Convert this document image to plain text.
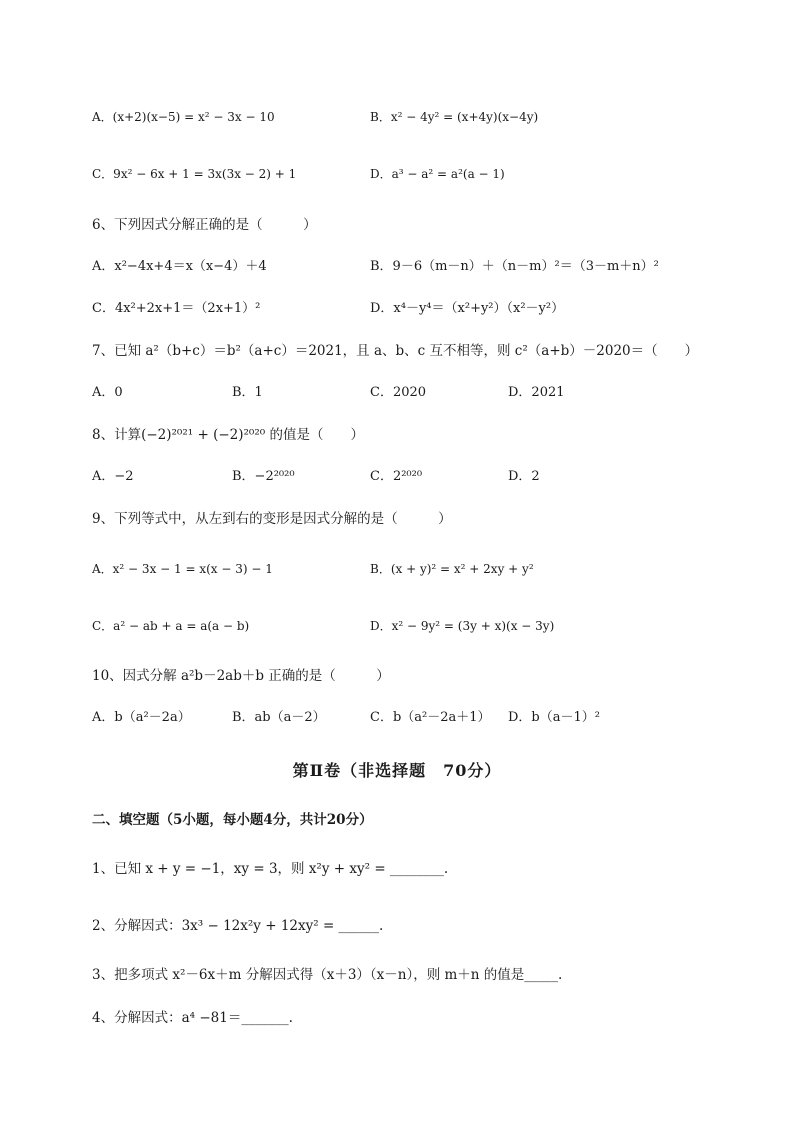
A．(x+2)(x−5) = x² − 3x − 10	B．x² − 4y² = (x+4y)(x−4y)
C．9x² − 6x + 1 = 3x(3x − 2) + 1	D．a³ − a² = a²(a − 1)
6、下列因式分解正确的是（　　　）
A．x²−4x+4＝x（x−4）＋4	B．9－6（m－n）＋（n－m）²＝（3－m＋n）²
C．4x²+2x+1＝（2x+1）²	D．x⁴－y⁴＝（x²+y²）（x²－y²）
7、已知 a²（b+c）＝b²（a+c）＝2021，且 a、b、c 互不相等，则 c²（a+b）－2020＝（　　）
A．0	B．1	C．2020	D．2021
8、计算(−2)²⁰²¹ + (−2)²⁰²⁰ 的值是（　　）
A．−2	B．−2²⁰²⁰	C．2²⁰²⁰	D．2
9、下列等式中，从左到右的变形是因式分解的是（　　　）
A．x² − 3x − 1 = x(x − 3) − 1	B．(x + y)² = x² + 2xy + y²
C．a² − ab + a = a(a − b)	D．x² − 9y² = (3y + x)(x − 3y)
10、因式分解 a²b－2ab＋b 正确的是（　　　）
A．b（a²－2a）	B．ab（a－2）	C．b（a²－2a＋1） D．b（a－1）²
第Ⅱ卷（非选择题　70分）
二、填空题（5小题，每小题4分，共计20分）
1、已知 x + y = −1，xy = 3，则 x²y + xy² = ________.
2、分解因式：3x³ − 12x²y + 12xy² = ______.
3、把多项式 x²－6x＋m 分解因式得（x＋3）（x－n），则 m＋n 的值是_____.
4、分解因式：a⁴ −81＝_______.
